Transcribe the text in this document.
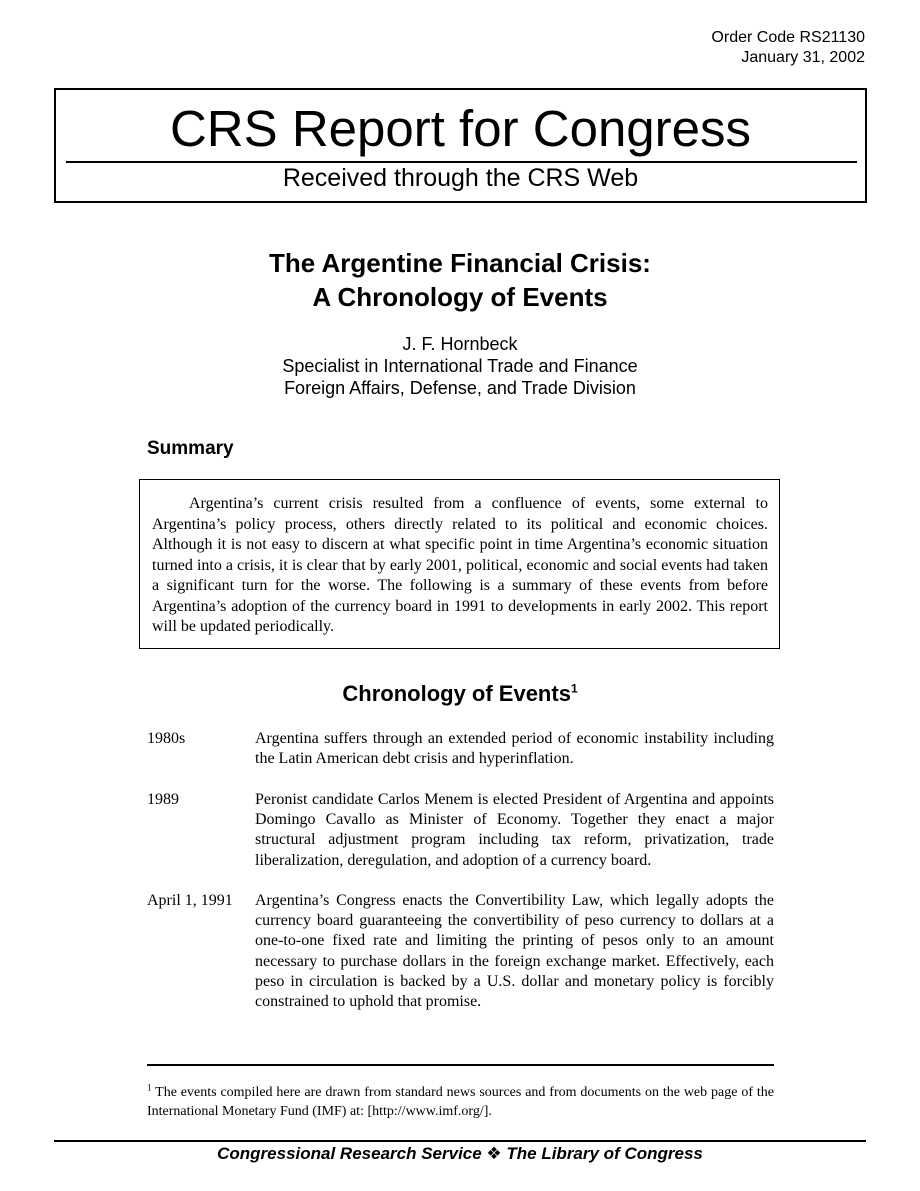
Order Code RS21130
January 31, 2002
CRS Report for Congress
Received through the CRS Web
The Argentine Financial Crisis:
A Chronology of Events
J. F. Hornbeck
Specialist in International Trade and Finance
Foreign Affairs, Defense, and Trade Division
Summary
Argentina’s current crisis resulted from a confluence of events, some external to Argentina’s policy process, others directly related to its political and economic choices. Although it is not easy to discern at what specific point in time Argentina’s economic situation turned into a crisis, it is clear that by early 2001, political, economic and social events had taken a significant turn for the worse. The following is a summary of these events from before Argentina’s adoption of the currency board in 1991 to developments in early 2002. This report will be updated periodically.
Chronology of Events$^1$
1980s	Argentina suffers through an extended period of economic instability including the Latin American debt crisis and hyperinflation.
1989	Peronist candidate Carlos Menem is elected President of Argentina and appoints Domingo Cavallo as Minister of Economy. Together they enact a major structural adjustment program including tax reform, privatization, trade liberalization, deregulation, and adoption of a currency board.
April 1, 1991 Argentina’s Congress enacts the Convertibility Law, which legally adopts the currency board guaranteeing the convertibility of peso currency to dollars at a one-to-one fixed rate and limiting the printing of pesos only to an amount necessary to purchase dollars in the foreign exchange market. Effectively, each peso in circulation is backed by a U.S. dollar and monetary policy is forcibly constrained to uphold that promise.
$^1$ The events compiled here are drawn from standard news sources and from documents on the web page of the International Monetary Fund (IMF) at: [http://www.imf.org/].
Congressional Research Service ❖ The Library of Congress
